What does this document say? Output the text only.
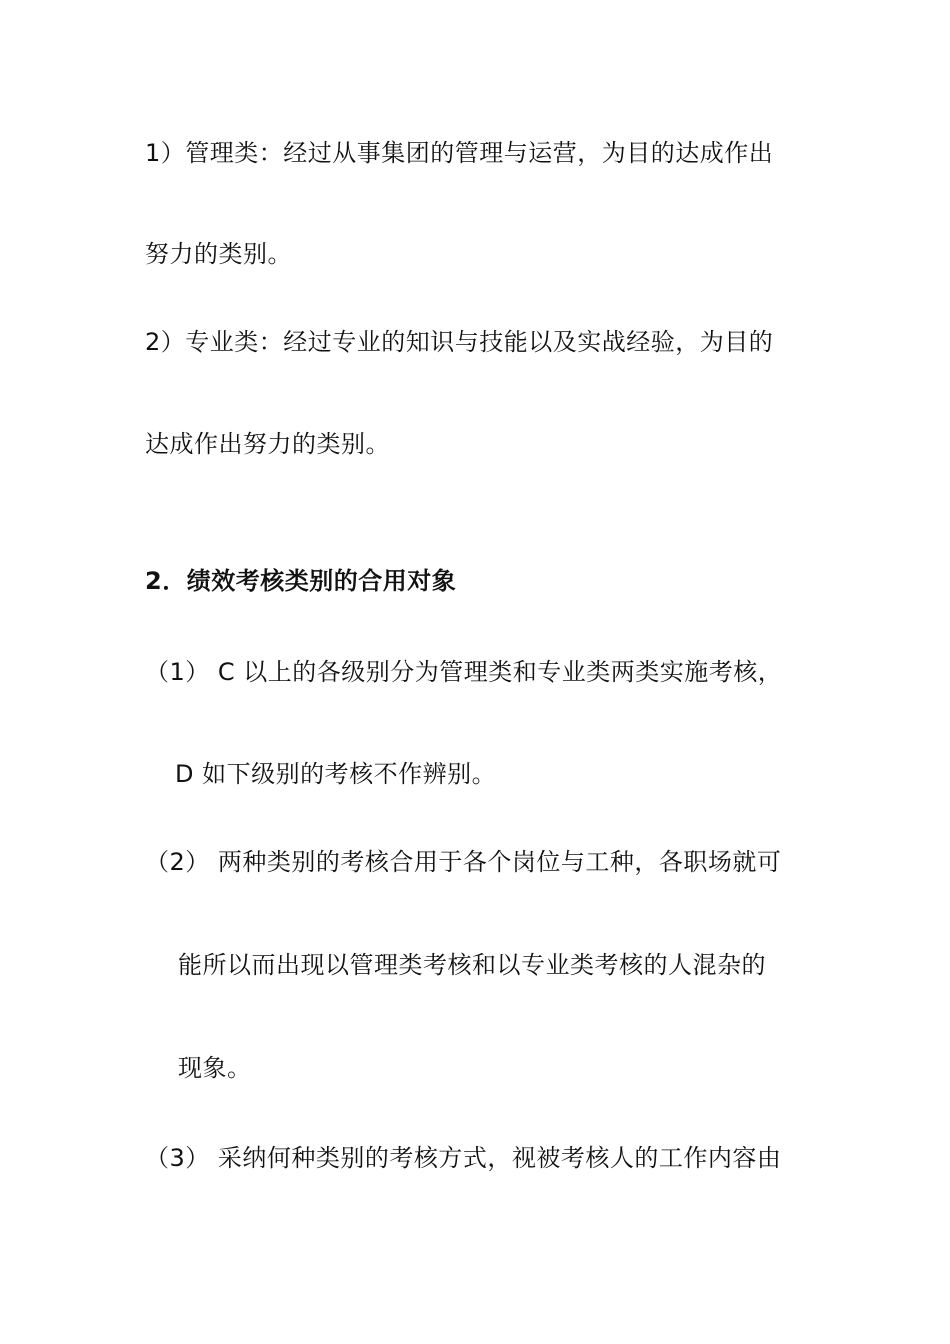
1）管理类：经过从事集团的管理与运营，为目的达成作出
努力的类别。
2）专业类：经过专业的知识与技能以及实战经验，为目的
达成作出努力的类别。
2．绩效考核类别的合用对象
（1） C 以上的各级别分为管理类和专业类两类实施考核，
D 如下级别的考核不作辨别。
（2） 两种类别的考核合用于各个岗位与工种，各职场就可
能所以而出现以管理类考核和以专业类考核的人混杂的
现象。
（3） 采纳何种类别的考核方式，视被考核人的工作内容由
